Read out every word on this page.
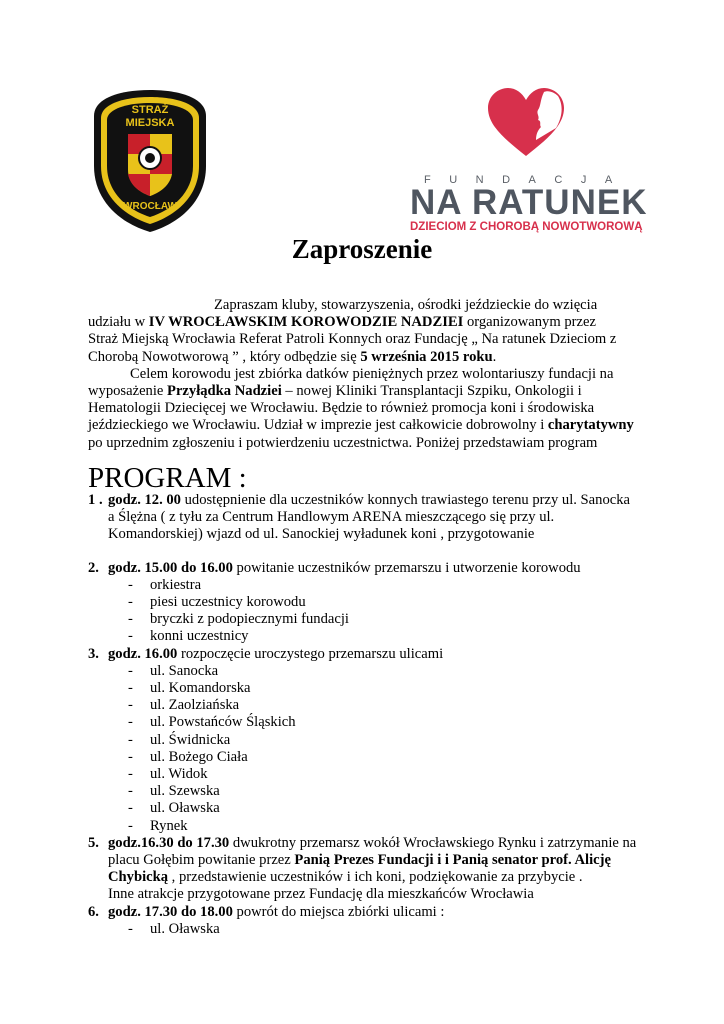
STRAŻ
MIEJSKA
WROCŁAW
FUNDACJA
NA RATUNEK
DZIECIOM Z CHOROBĄ NOWOTWOROWĄ
Zaproszenie

Zapraszam kluby, stowarzyszenia, ośrodki jeździeckie do wzięcia

udziału w IV WROCŁAWSKIM KOROWODZIE NADZIEI organizowanym przez

Straż Miejską Wrocławia Referat Patroli Konnych oraz Fundację „ Na ratunek Dzieciom z

Chorobą Nowotworową ” , który odbędzie się 5 września 2015 roku.

Celem korowodu jest zbiórka datków pieniężnych przez wolontariuszy fundacji na

wyposażenie Przyłądka Nadziei – nowej Kliniki Transplantacji Szpiku, Onkologii i

Hematologii Dziecięcej we Wrocławiu. Będzie to również promocja koni i środowiska

jeździeckiego we Wrocławiu. Udział w imprezie jest całkowicie dobrowolny i charytatywny

po uprzednim zgłoszeniu i potwierdzeniu uczestnictwa. Poniżej przedstawiam program

PROGRAM :
1 . godz. 12. 00 udostępnienie dla uczestników konnych trawiastego terenu przy ul. Sanocka
a Ślężna ( z tyłu za Centrum Handlowym ARENA mieszczącego się przy ul.
Komandorskiej) wjazd od ul. Sanockiej wyładunek koni , przygotowanie
2. godz. 15.00 do 16.00 powitanie uczestników przemarszu i utworzenie korowodu
- orkiestra
- piesi uczestnicy korowodu
- bryczki z podopiecznymi fundacji
- konni uczestnicy
3. godz. 16.00 rozpoczęcie uroczystego przemarszu ulicami
- ul. Sanocka
- ul. Komandorska
- ul. Zaolziańska
- ul. Powstańców Śląskich
- ul. Świdnicka
- ul. Bożego Ciała
- ul. Widok
- ul. Szewska
- ul. Oławska
- Rynek
5. godz.16.30 do 17.30 dwukrotny przemarsz wokół Wrocławskiego Rynku i zatrzymanie na
placu Gołębim powitanie przez Panią Prezes Fundacji i i Panią senator prof. Alicję
Chybicką , przedstawienie uczestników i ich koni, podziękowanie za przybycie .
Inne atrakcje przygotowane przez Fundację dla mieszkańców Wrocławia
6. godz. 17.30 do 18.00 powrót do miejsca zbiórki ulicami :
- ul. Oławska
